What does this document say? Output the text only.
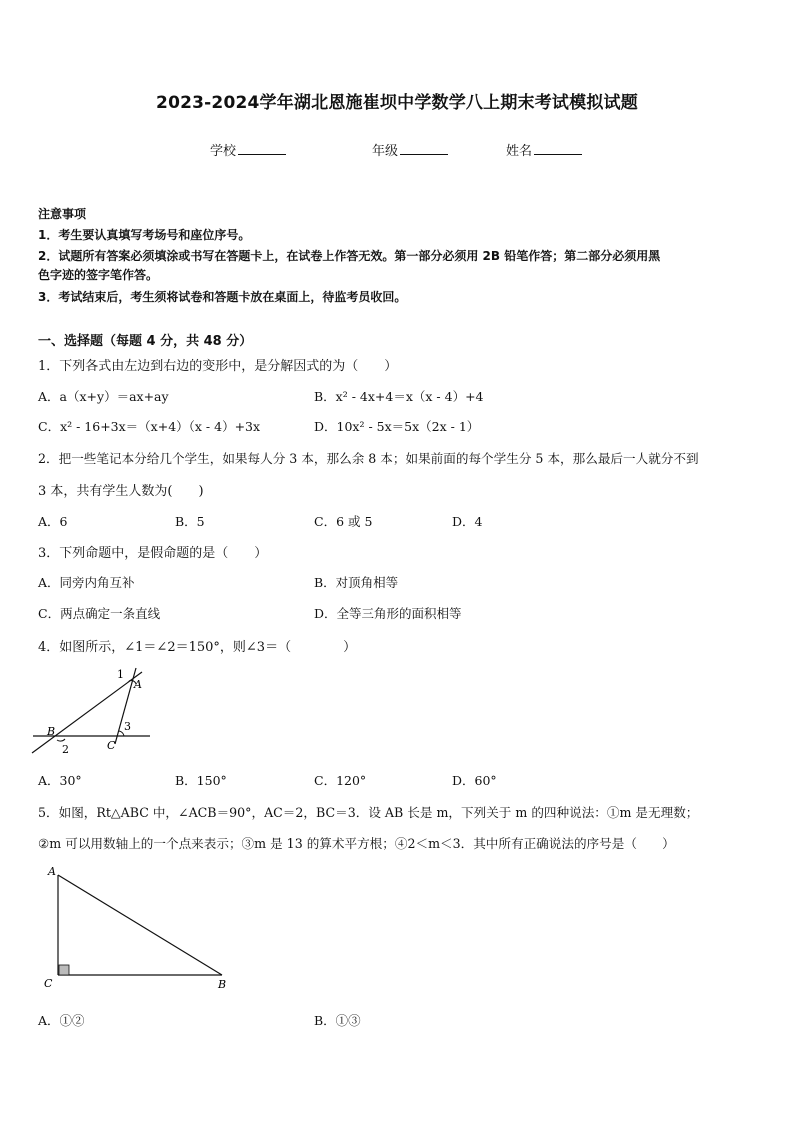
2023-2024学年湖北恩施崔坝中学数学八上期末考试模拟试题
学校	年级	姓名
注意事项
1．考生要认真填写考场号和座位序号。
2．试题所有答案必须填涂或书写在答题卡上，在试卷上作答无效。第一部分必须用 2B 铅笔作答；第二部分必须用黑
色字迹的签字笔作答。
3．考试结束后，考生须将试卷和答题卡放在桌面上，待监考员收回。
一、选择题（每题 4 分，共 48 分）
1．下列各式由左边到右边的变形中，是分解因式的为（　　）
A．a（x+y）＝ax+ay	B．x² - 4x+4＝x（x - 4）+4
C．x² - 16+3x＝（x+4）（x - 4）+3x	D．10x² - 5x＝5x（2x - 1）
2．把一些笔记本分给几个学生，如果每人分 3 本，那么余 8 本；如果前面的每个学生分 5 本，那么最后一人就分不到
3 本，共有学生人数为(　　)
A．6	B．5	C．6 或 5	D．4
3．下列命题中，是假命题的是（　　）
A．同旁内角互补	B．对顶角相等
C．两点确定一条直线	D．全等三角形的面积相等
4．如图所示，∠1＝∠2＝150°，则∠3＝（　　　　）
1
A
B
2	C
3
A．30°	B．150°	C．120°	D．60°
5．如图，Rt△ABC 中，∠ACB＝90°，AC＝2，BC＝3．设 AB 长是 m，下列关于 m 的四种说法：①m 是无理数；
②m 可以用数轴上的一个点来表示；③m 是 13 的算术平方根；④2＜m＜3．其中所有正确说法的序号是（　　）
A
C	B
A．①②	B．①③
